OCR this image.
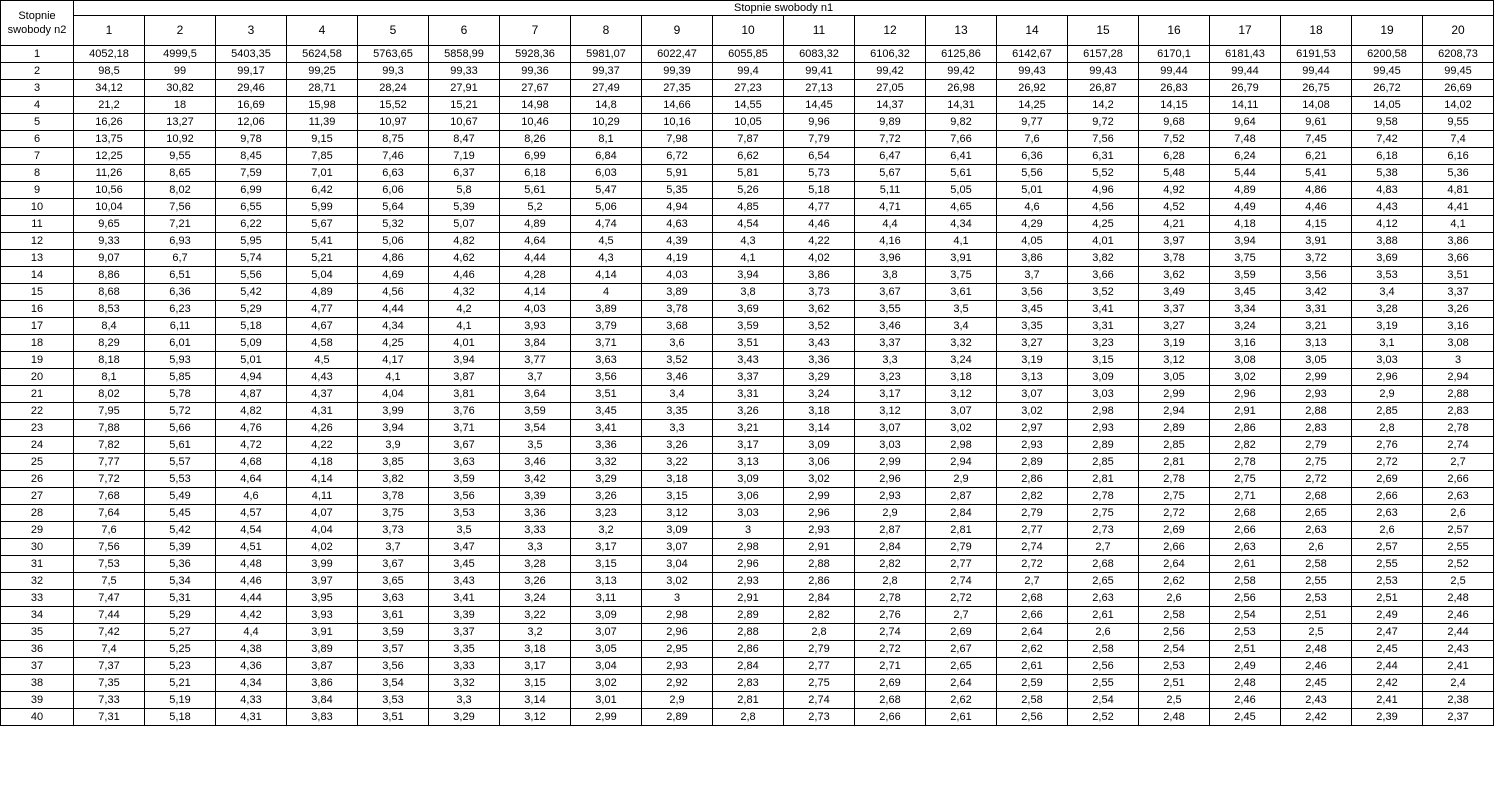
Stopnie swobody n2	Stopnie swobody n1																			
	1	2	3	4	5	6	7	8	9	10	11	12	13	14	15	16	17	18	19	20
1	4052,18	4999,5	5403,35	5624,58	5763,65	5858,99	5928,36	5981,07	6022,47	6055,85	6083,32	6106,32	6125,86	6142,67	6157,28	6170,1	6181,43	6191,53	6200,58	6208,73
2	98,5	99	99,17	99,25	99,3	99,33	99,36	99,37	99,39	99,4	99,41	99,42	99,42	99,43	99,43	99,44	99,44	99,44	99,45	99,45
3	34,12	30,82	29,46	28,71	28,24	27,91	27,67	27,49	27,35	27,23	27,13	27,05	26,98	26,92	26,87	26,83	26,79	26,75	26,72	26,69
4	21,2	18	16,69	15,98	15,52	15,21	14,98	14,8	14,66	14,55	14,45	14,37	14,31	14,25	14,2	14,15	14,11	14,08	14,05	14,02
5	16,26	13,27	12,06	11,39	10,97	10,67	10,46	10,29	10,16	10,05	9,96	9,89	9,82	9,77	9,72	9,68	9,64	9,61	9,58	9,55
6	13,75	10,92	9,78	9,15	8,75	8,47	8,26	8,1	7,98	7,87	7,79	7,72	7,66	7,6	7,56	7,52	7,48	7,45	7,42	7,4
7	12,25	9,55	8,45	7,85	7,46	7,19	6,99	6,84	6,72	6,62	6,54	6,47	6,41	6,36	6,31	6,28	6,24	6,21	6,18	6,16
8	11,26	8,65	7,59	7,01	6,63	6,37	6,18	6,03	5,91	5,81	5,73	5,67	5,61	5,56	5,52	5,48	5,44	5,41	5,38	5,36
9	10,56	8,02	6,99	6,42	6,06	5,8	5,61	5,47	5,35	5,26	5,18	5,11	5,05	5,01	4,96	4,92	4,89	4,86	4,83	4,81
10	10,04	7,56	6,55	5,99	5,64	5,39	5,2	5,06	4,94	4,85	4,77	4,71	4,65	4,6	4,56	4,52	4,49	4,46	4,43	4,41
11	9,65	7,21	6,22	5,67	5,32	5,07	4,89	4,74	4,63	4,54	4,46	4,4	4,34	4,29	4,25	4,21	4,18	4,15	4,12	4,1
12	9,33	6,93	5,95	5,41	5,06	4,82	4,64	4,5	4,39	4,3	4,22	4,16	4,1	4,05	4,01	3,97	3,94	3,91	3,88	3,86
13	9,07	6,7	5,74	5,21	4,86	4,62	4,44	4,3	4,19	4,1	4,02	3,96	3,91	3,86	3,82	3,78	3,75	3,72	3,69	3,66
14	8,86	6,51	5,56	5,04	4,69	4,46	4,28	4,14	4,03	3,94	3,86	3,8	3,75	3,7	3,66	3,62	3,59	3,56	3,53	3,51
15	8,68	6,36	5,42	4,89	4,56	4,32	4,14	4	3,89	3,8	3,73	3,67	3,61	3,56	3,52	3,49	3,45	3,42	3,4	3,37
16	8,53	6,23	5,29	4,77	4,44	4,2	4,03	3,89	3,78	3,69	3,62	3,55	3,5	3,45	3,41	3,37	3,34	3,31	3,28	3,26
17	8,4	6,11	5,18	4,67	4,34	4,1	3,93	3,79	3,68	3,59	3,52	3,46	3,4	3,35	3,31	3,27	3,24	3,21	3,19	3,16
18	8,29	6,01	5,09	4,58	4,25	4,01	3,84	3,71	3,6	3,51	3,43	3,37	3,32	3,27	3,23	3,19	3,16	3,13	3,1	3,08
19	8,18	5,93	5,01	4,5	4,17	3,94	3,77	3,63	3,52	3,43	3,36	3,3	3,24	3,19	3,15	3,12	3,08	3,05	3,03	3
20	8,1	5,85	4,94	4,43	4,1	3,87	3,7	3,56	3,46	3,37	3,29	3,23	3,18	3,13	3,09	3,05	3,02	2,99	2,96	2,94
21	8,02	5,78	4,87	4,37	4,04	3,81	3,64	3,51	3,4	3,31	3,24	3,17	3,12	3,07	3,03	2,99	2,96	2,93	2,9	2,88
22	7,95	5,72	4,82	4,31	3,99	3,76	3,59	3,45	3,35	3,26	3,18	3,12	3,07	3,02	2,98	2,94	2,91	2,88	2,85	2,83
23	7,88	5,66	4,76	4,26	3,94	3,71	3,54	3,41	3,3	3,21	3,14	3,07	3,02	2,97	2,93	2,89	2,86	2,83	2,8	2,78
24	7,82	5,61	4,72	4,22	3,9	3,67	3,5	3,36	3,26	3,17	3,09	3,03	2,98	2,93	2,89	2,85	2,82	2,79	2,76	2,74
25	7,77	5,57	4,68	4,18	3,85	3,63	3,46	3,32	3,22	3,13	3,06	2,99	2,94	2,89	2,85	2,81	2,78	2,75	2,72	2,7
26	7,72	5,53	4,64	4,14	3,82	3,59	3,42	3,29	3,18	3,09	3,02	2,96	2,9	2,86	2,81	2,78	2,75	2,72	2,69	2,66
27	7,68	5,49	4,6	4,11	3,78	3,56	3,39	3,26	3,15	3,06	2,99	2,93	2,87	2,82	2,78	2,75	2,71	2,68	2,66	2,63
28	7,64	5,45	4,57	4,07	3,75	3,53	3,36	3,23	3,12	3,03	2,96	2,9	2,84	2,79	2,75	2,72	2,68	2,65	2,63	2,6
29	7,6	5,42	4,54	4,04	3,73	3,5	3,33	3,2	3,09	3	2,93	2,87	2,81	2,77	2,73	2,69	2,66	2,63	2,6	2,57
30	7,56	5,39	4,51	4,02	3,7	3,47	3,3	3,17	3,07	2,98	2,91	2,84	2,79	2,74	2,7	2,66	2,63	2,6	2,57	2,55
31	7,53	5,36	4,48	3,99	3,67	3,45	3,28	3,15	3,04	2,96	2,88	2,82	2,77	2,72	2,68	2,64	2,61	2,58	2,55	2,52
32	7,5	5,34	4,46	3,97	3,65	3,43	3,26	3,13	3,02	2,93	2,86	2,8	2,74	2,7	2,65	2,62	2,58	2,55	2,53	2,5
33	7,47	5,31	4,44	3,95	3,63	3,41	3,24	3,11	3	2,91	2,84	2,78	2,72	2,68	2,63	2,6	2,56	2,53	2,51	2,48
34	7,44	5,29	4,42	3,93	3,61	3,39	3,22	3,09	2,98	2,89	2,82	2,76	2,7	2,66	2,61	2,58	2,54	2,51	2,49	2,46
35	7,42	5,27	4,4	3,91	3,59	3,37	3,2	3,07	2,96	2,88	2,8	2,74	2,69	2,64	2,6	2,56	2,53	2,5	2,47	2,44
36	7,4	5,25	4,38	3,89	3,57	3,35	3,18	3,05	2,95	2,86	2,79	2,72	2,67	2,62	2,58	2,54	2,51	2,48	2,45	2,43
37	7,37	5,23	4,36	3,87	3,56	3,33	3,17	3,04	2,93	2,84	2,77	2,71	2,65	2,61	2,56	2,53	2,49	2,46	2,44	2,41
38	7,35	5,21	4,34	3,86	3,54	3,32	3,15	3,02	2,92	2,83	2,75	2,69	2,64	2,59	2,55	2,51	2,48	2,45	2,42	2,4
39	7,33	5,19	4,33	3,84	3,53	3,3	3,14	3,01	2,9	2,81	2,74	2,68	2,62	2,58	2,54	2,5	2,46	2,43	2,41	2,38
40	7,31	5,18	4,31	3,83	3,51	3,29	3,12	2,99	2,89	2,8	2,73	2,66	2,61	2,56	2,52	2,48	2,45	2,42	2,39	2,37
